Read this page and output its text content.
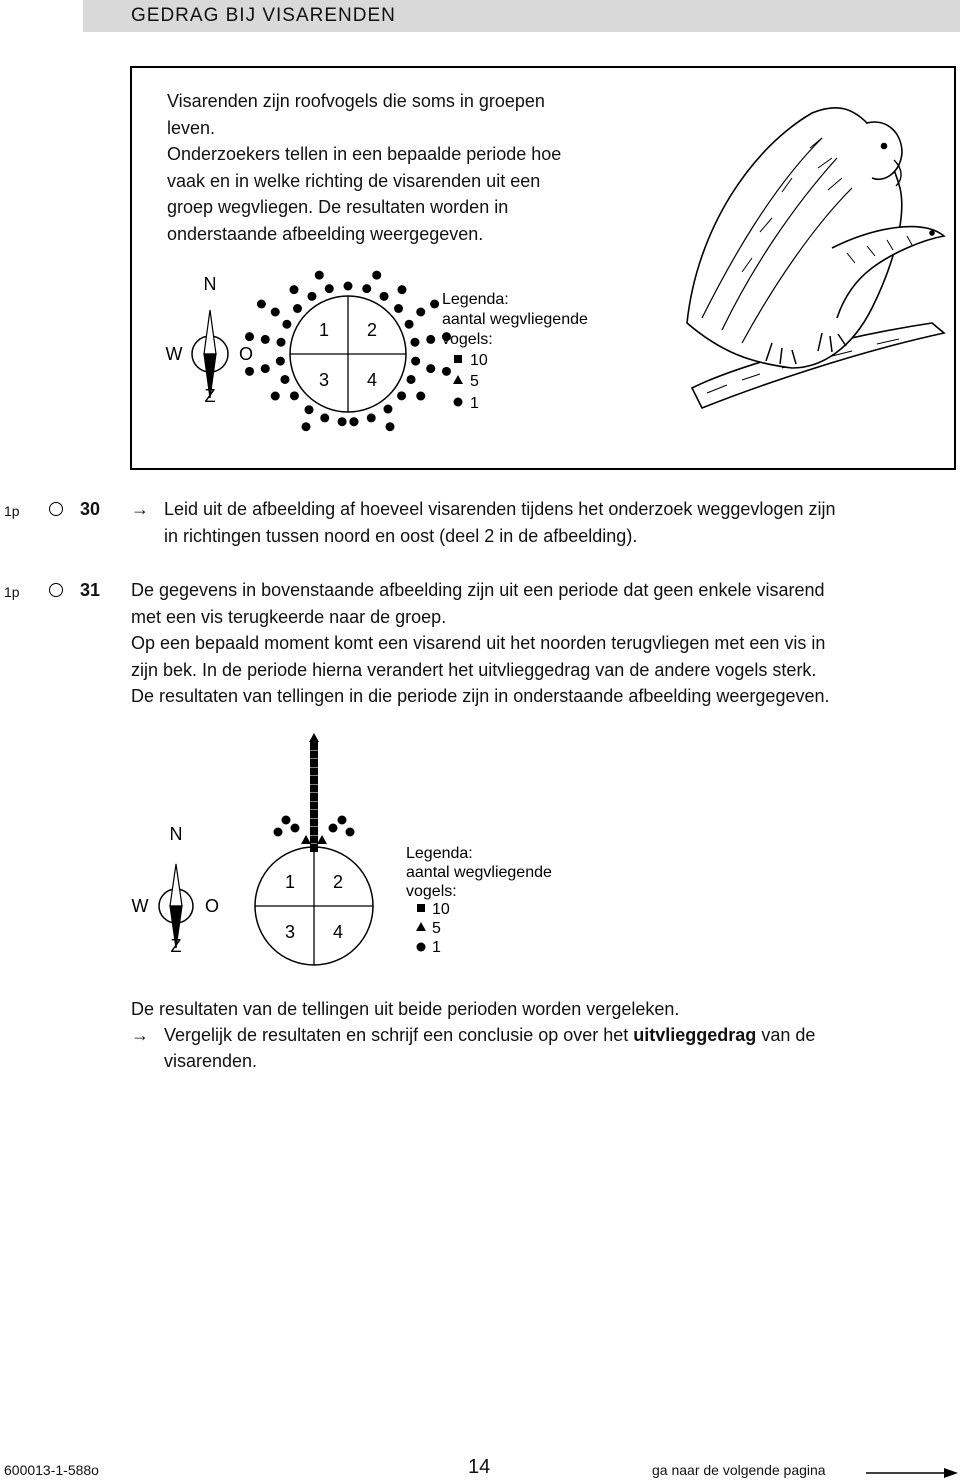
GEDRAG BIJ VISARENDEN
Visarenden zijn roofvogels die soms in groepen
leven.
Onderzoekers tellen in een bepaalde periode hoe
vaak en in welke richting de visarenden uit een
groep wegvliegen. De resultaten worden in
onderstaande afbeelding weergegeven.
N
W	O
Z
1 2
3 4
Legenda:
aantal wegvliegende
vogels:
10
5
1
1p	30 → Leid uit de afbeelding af hoeveel visarenden tijdens het onderzoek weggevlogen zijn
in richtingen tussen noord en oost (deel 2 in de afbeelding).
1p	31 De gegevens in bovenstaande afbeelding zijn uit een periode dat geen enkele visarend
met een vis terugkeerde naar de groep.
Op een bepaald moment komt een visarend uit het noorden terugvliegen met een vis in
zijn bek. In de periode hierna verandert het uitvlieggedrag van de andere vogels sterk.
De resultaten van tellingen in die periode zijn in onderstaande afbeelding weergegeven.
N
W	O
Z
1 2
3 4
Legenda:
aantal wegvliegende
vogels:
10
5
1
De resultaten van de tellingen uit beide perioden worden vergeleken.
→ Vergelijk de resultaten en schrijf een conclusie op over het uitvlieggedrag van de
visarenden.
600013-1-588o	14	ga naar de volgende pagina
